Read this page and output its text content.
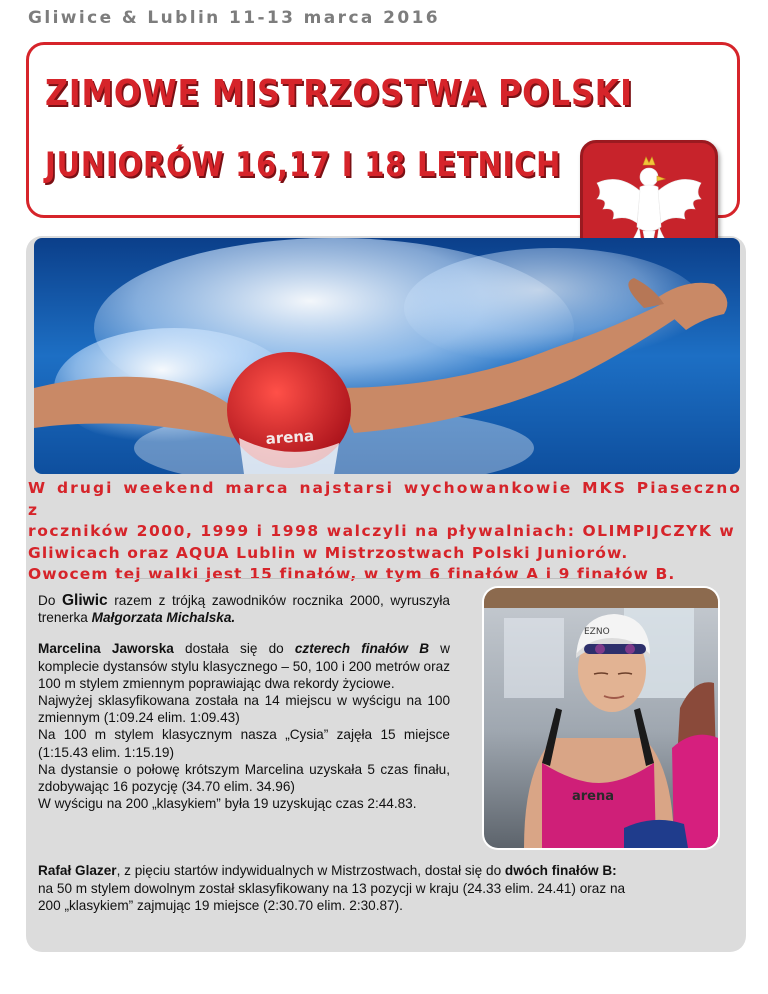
Gliwice & Lublin 11-13 marca 2016
ZIMOWE MISTRZOSTWA POLSKI
JUNIORÓW 16,17 I 18 LETNICH
arena

W drugi weekend marca najstarsi wychowankowie MKS Piaseczno z

roczników 2000, 1999 i 1998 walczyli na pływalniach: OLIMPIJCZYK w

Gliwicach oraz AQUA Lublin w Mistrzostwach Polski Juniorów.

Owocem tej walki jest 15 finałów, w tym 6 finałów A i 9 finałów B.

Do Gliwic razem z trójką zawodników rocznika 2000, wyruszyła trenerka Małgorzata Michalska.

Marcelina Jaworska dostała się do czterech finałów B w komplecie dystansów stylu klasycznego – 50, 100 i 200 metrów oraz 100 m stylem zmiennym poprawiając dwa rekordy życiowe.

Najwyżej sklasyfikowana została na 14 miejscu w wyścigu na 100 zmiennym (1:09.24 elim. 1:09.43)

Na 100 m stylem klasycznym nasza „Cysia” zajęła 15 miejsce (1:15.43 elim. 1:15.19)

Na dystansie o połowę krótszym Marcelina uzyskała 5 czas finału, zdobywając 16 pozycję (34.70 elim. 34.96)

W wyścigu na 200 „klasykiem” była 19 uzyskując czas 2:44.83.	arena
EZNO

Rafał Glazer, z pięciu startów indywidualnych w Mistrzostwach, dostał się do dwóch finałów B:

na 50 m stylem dowolnym został sklasyfikowany na 13 pozycji w kraju (24.33 elim. 24.41) oraz na

200 „klasykiem” zajmując 19 miejsce (2:30.70 elim. 2:30.87).
